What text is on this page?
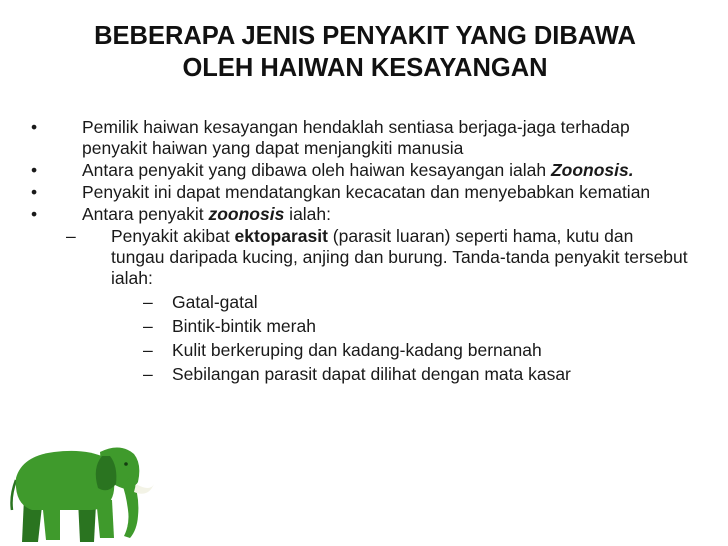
BEBERAPA JENIS PENYAKIT YANG DIBAWA
OLEH HAIWAN KESAYANGAN
•	Pemilik haiwan kesayangan hendaklah sentiasa berjaga-jaga terhadap penyakit haiwan yang dapat menjangkiti manusia
•	Antara penyakit yang dibawa oleh haiwan kesayangan ialah Zoonosis.
•	Penyakit ini dapat mendatangkan kecacatan dan menyebabkan kematian
•	Antara penyakit zoonosis ialah:
–	Penyakit akibat ektoparasit (parasit luaran) seperti hama, kutu dan tungau daripada kucing, anjing dan burung. Tanda-tanda penyakit tersebut ialah:
–	Gatal-gatal
–	Bintik-bintik merah
–	Kulit berkeruping dan kadang-kadang bernanah
–	Sebilangan parasit dapat dilihat dengan mata kasar
